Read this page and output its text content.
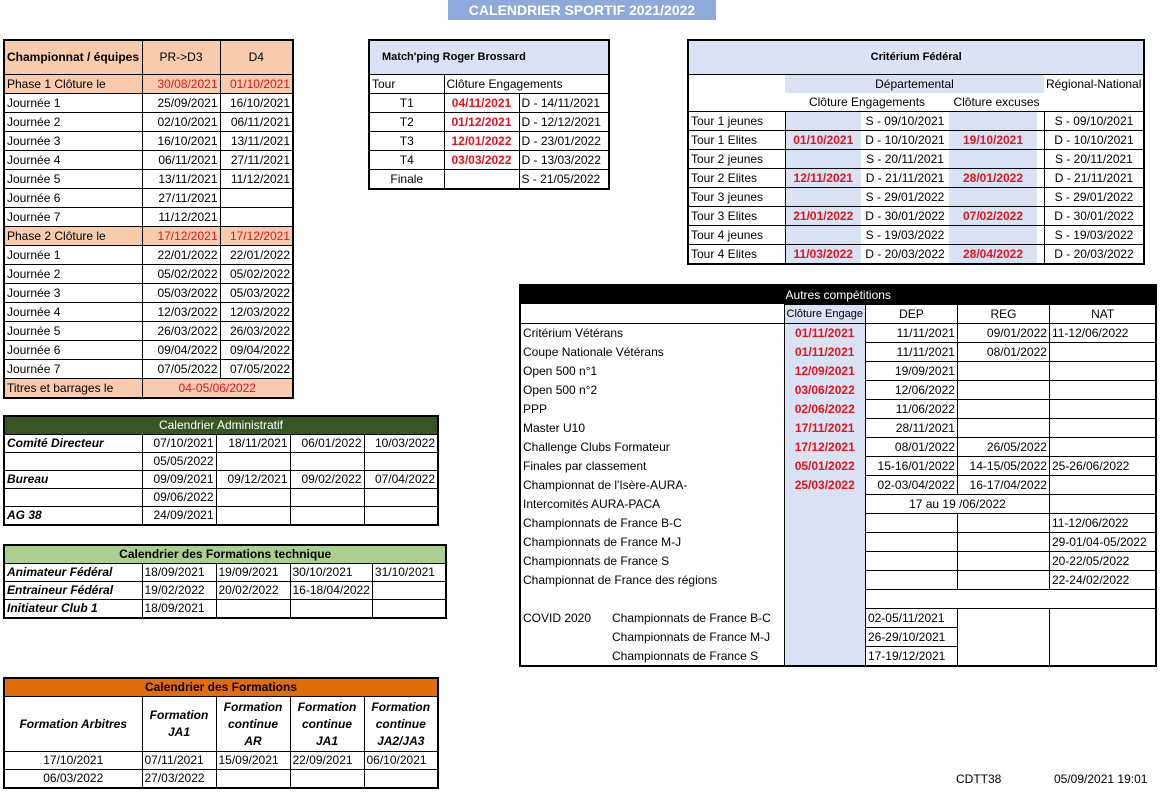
CALENDRIER SPORTIF 2021/2022
Championnat / équipes	PR->D3	D4
Phase 1 Clôture le	30/08/2021	01/10/2021
Journée 1	25/09/2021	16/10/2021
Journée 2	02/10/2021	06/11/2021
Journée 3	16/10/2021	13/11/2021
Journée 4	06/11/2021	27/11/2021
Journée 5	13/11/2021	11/12/2021
Journée 6	27/11/2021	
Journée 7	11/12/2021	
Phase 2 Clôture le	17/12/2021	17/12/2021
Journée 1	22/01/2022	22/01/2022
Journée 2	05/02/2022	05/02/2022
Journée 3	05/03/2022	05/03/2022
Journée 4	12/03/2022	12/03/2022
Journée 5	26/03/2022	26/03/2022
Journée 6	09/04/2022	09/04/2022
Journée 7	07/05/2022	07/05/2022
Titres et barrages le	04-05/06/2022	
Match'ping Roger Brossard		
Tour	Clôture Engagements	
T1	04/11/2021	D - 14/11/2021
T2	01/12/2021	D - 12/12/2021
T3	12/01/2022	D - 23/01/2022
T4	03/03/2022	D - 13/03/2022
Finale		S - 21/05/2022
Critérium Fédéral					
	Départemental				Régional-National
	Clôture Engagements		Clôture excuses		
Tour 1 jeunes		S - 09/10/2021			S - 09/10/2021
Tour 1 Elites	01/10/2021	D - 10/10/2021	19/10/2021		D - 10/10/2021
Tour 2 jeunes		S - 20/11/2021			S - 20/11/2021
Tour 2 Elites	12/11/2021	D - 21/11/2021	28/01/2022		D - 21/11/2021
Tour 3 jeunes		S - 29/01/2022			S - 29/01/2022
Tour 3 Elites	21/01/2022	D - 30/01/2022	07/02/2022		D - 30/01/2022
Tour 4 jeunes		S - 19/03/2022			S - 19/03/2022
Tour 4 Elites	11/03/2022	D - 20/03/2022	28/04/2022		D - 20/03/2022
Autres compétitions					
		Clôture Engage	DEP	REG	NAT
Critérium Vétérans		01/11/2021	11/11/2021	09/01/2022	11-12/06/2022
Coupe Nationale Vétérans		01/11/2021	11/11/2021	08/01/2022	
Open 500 n°1		12/09/2021	19/09/2021		
Open 500 n°2		03/06/2022	12/06/2022		
PPP		02/06/2022	11/06/2022		
Master U10		17/11/2021	28/11/2021		
Challenge Clubs Formateur		17/12/2021	08/01/2022	26/05/2022	
Finales par classement		05/01/2022	15-16/01/2022	14-15/05/2022	25-26/06/2022
Championnat de l'Isère-AURA-		25/03/2022	02-03/04/2022	16-17/04/2022	
Intercomités AURA-PACA			17 au 19 /06/2022		
Championnats de France B-C					11-12/06/2022
Championnats de France M-J					29-01/04-05/2022
Championnats de France S					20-22/05/2022
Championnat de France des régions					22-24/02/2022

COVID 2020	Championnats de France B-C		02-05/11/2021		
	Championnats de France M-J		26-29/10/2021		
	Championnats de France S		17-19/12/2021		
Calendrier Administratif				
Comité Directeur	07/10/2021	18/11/2021	06/01/2022	10/03/2022
	05/05/2022			
Bureau	09/09/2021	09/12/2021	09/02/2022	07/04/2022
	09/06/2022			
AG 38	24/09/2021			
Calendrier des Formations technique				
Animateur Fédéral	18/09/2021	19/09/2021	30/10/2021	31/10/2021
Entraineur Fédéral	19/02/2022	20/02/2022	16-18/04/2022	
Initiateur Club 1	18/09/2021			
Calendrier des Formations				
Formation Arbitres	Formation JA1	Formation continue AR	Formation continue JA1	Formation continue JA2/JA3
17/10/2021	07/11/2021	15/09/2021	22/09/2021	06/10/2021
06/03/2022	27/03/2022				CDTT38	05/09/2021 19:01
